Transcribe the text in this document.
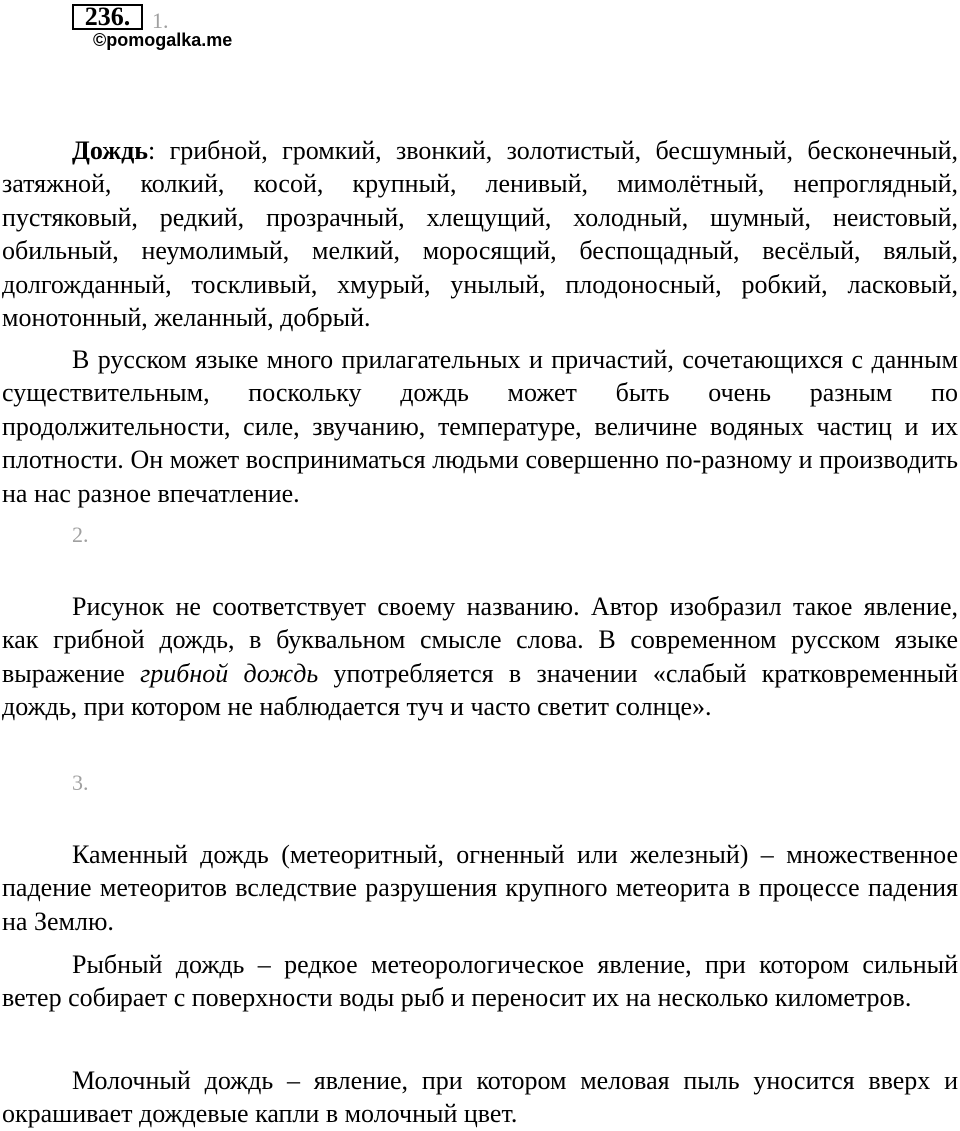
236. 1.
©pomogalka.me

Дождь: грибной, громкий, звонкий, золотистый, бесшумный, бесконечный, затяжной, колкий, косой, крупный, ленивый, мимолётный, непроглядный, пустяковый, редкий, прозрачный, хлещущий, холодный, шумный, неистовый, обильный, неумолимый, мелкий, моросящий, беспощадный, весёлый, вялый, долгожданный, тоскливый, хмурый, унылый, плодоносный, робкий, ласковый, монотонный, желанный, добрый.

В русском языке много прилагательных и причастий, сочетающихся с данным существительным, поскольку дождь может быть очень разным по продолжительности, силе, звучанию, температуре, величине водяных частиц и их плотности. Он может восприниматься людьми совершенно по-разному и производить на нас разное впечатление.

2.

Рисунок не соответствует своему названию. Автор изобразил такое явление, как грибной дождь, в буквальном смысле слова. В современном русском языке выражение грибной дождь употребляется в значении «слабый кратковременный дождь, при котором не наблюдается туч и часто светит солнце».

3.

Каменный дождь (метеоритный, огненный или железный) – множественное падение метеоритов вследствие разрушения крупного метеорита в процессе падения на Землю.

Рыбный дождь – редкое метеорологическое явление, при котором сильный ветер собирает с поверхности воды рыб и переносит их на несколько километров.

Молочный дождь – явление, при котором меловая пыль уносится вверх и окрашивает дождевые капли в молочный цвет.
